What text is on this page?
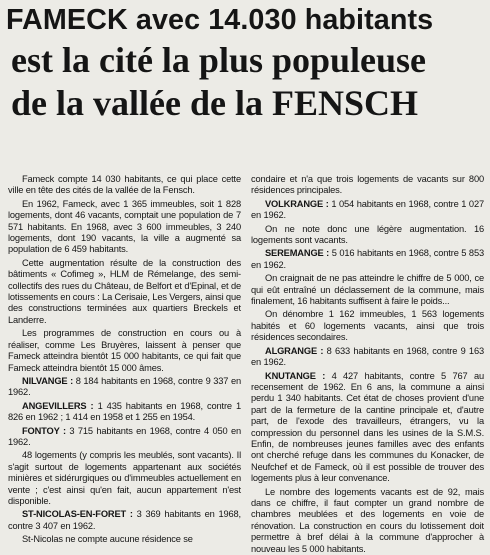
FAMECK avec 14.030 habitants
est la cité la plus populeuse
de la vallée de la FENSCH

Fameck compte 14 030 habitants, ce qui place cette ville en tête des cités de la vallée de la Fensch.

En 1962, Fameck, avec 1 365 immeubles, soit 1 828 logements, dont 46 vacants, comptait une population de 7 571 habitants. En 1968, avec 3 600 immeubles, 3 240 logements, dont 190 vacants, la ville a augmenté sa population de 6 459 habitants.

Cette augmentation résulte de la construction des bâtiments « Cofimeg », HLM de Rémelange, des semi-collectifs des rues du Château, de Belfort et d'Epinal, et de lotissements en cours : La Cerisaie, Les Vergers, ainsi que des constructions terminées aux quartiers Breckels et Landerre.

Les programmes de construction en cours ou à réaliser, comme Les Bruyères, laissent à penser que Fameck atteindra bientôt 15 000 habitants, ce qui fait que Fameck atteindra bientôt 15 000 âmes.

NILVANGE : 8 184 habitants en 1968, contre 9 337 en 1962.

ANGEVILLERS : 1 435 habitants en 1968, contre 1 826 en 1962 ; 1 414 en 1958 et 1 255 en 1954.

FONTOY : 3 715 habitants en 1968, contre 4 050 en 1962.

48 logements (y compris les meublés, sont vacants). Il s'agit surtout de logements appartenant aux sociétés minières et sidérurgiques ou d'immeubles actuellement en vente ; c'est ainsi qu'en fait, aucun appartement n'est disponible.

ST-NICOLAS-EN-FORET : 3 369 habitants en 1968, contre 3 407 en 1962.

St-Nicolas ne compte aucune résidence se

condaire et n'a que trois logements de vacants sur 800 résidences principales.

VOLKRANGE : 1 054 habitants en 1968, contre 1 027 en 1962.

On ne note donc une légère augmentation. 16 logements sont vacants.

SEREMANGE : 5 016 habitants en 1968, contre 5 853 en 1962.

On craignait de ne pas atteindre le chiffre de 5 000, ce qui eût entraîné un déclassement de la commune, mais finalement, 16 habitants suffisent à faire le poids...

On dénombre 1 162 immeubles, 1 563 logements habités et 60 logements vacants, ainsi que trois résidences secondaires.

ALGRANGE : 8 633 habitants en 1968, contre 9 163 en 1962.

KNUTANGE : 4 427 habitants, contre 5 767 au recensement de 1962. En 6 ans, la commune a ainsi perdu 1 340 habitants. Cet état de choses provient d'une part de la fermeture de la cantine principale et, d'autre part, de l'exode des travailleurs, étrangers, vu la compression du personnel dans les usines de la S.M.S. Enfin, de nombreuses jeunes familles avec des enfants ont cherché refuge dans les communes du Konacker, de Neufchef et de Fameck, où il est possible de trouver des logements plus à leur convenance.

Le nombre des logements vacants est de 92, mais dans ce chiffre, il faut compter un grand nombre de chambres meublées et des logements en voie de rénovation. La construction en cours du lotissement doit permettre à bref délai à la commune d'approcher à nouveau les 5 000 habitants.
